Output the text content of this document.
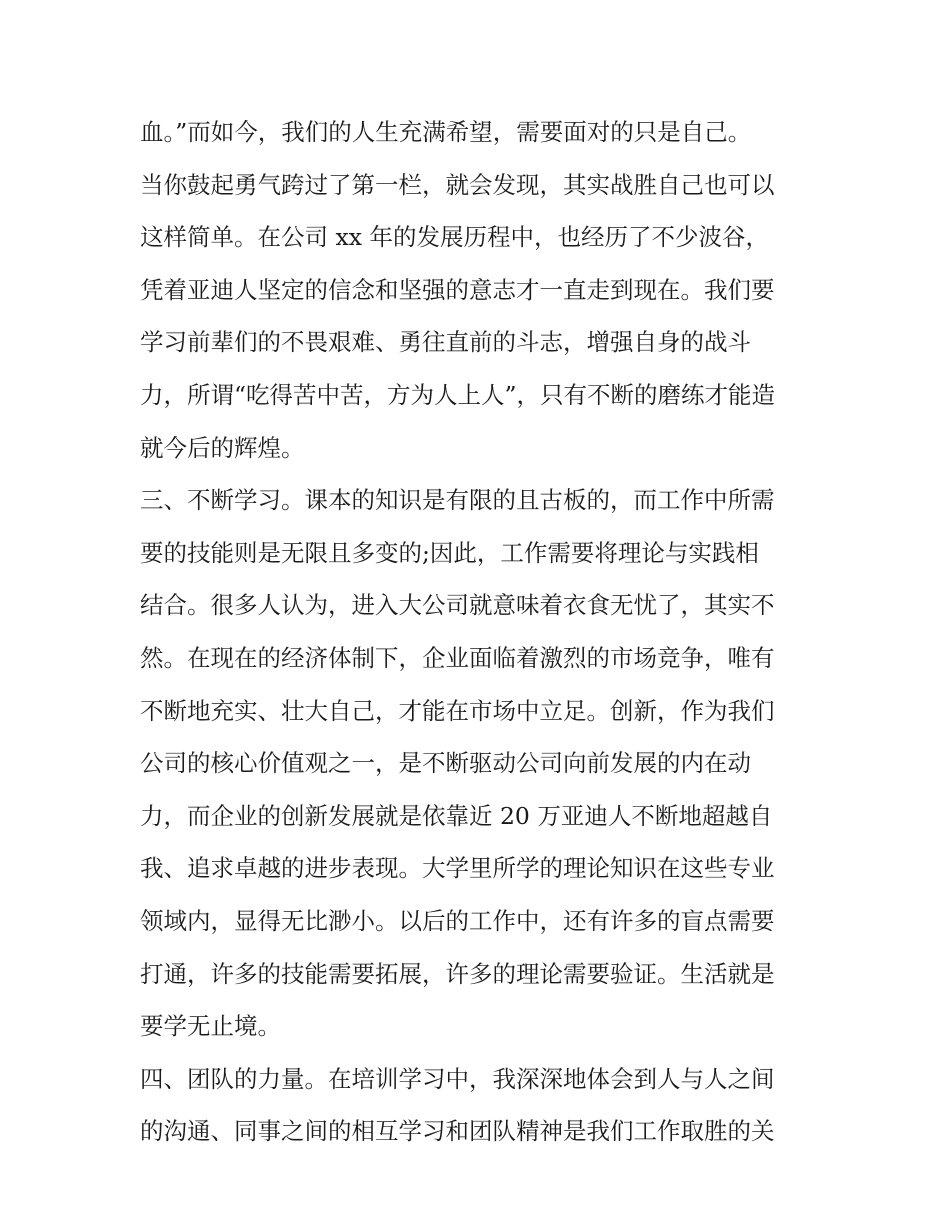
血。”而如今，我们的人生充满希望，需要面对的只是自己。
当你鼓起勇气跨过了第一栏，就会发现，其实战胜自己也可以
这样简单。在公司 xx 年的发展历程中，也经历了不少波谷，
凭着亚迪人坚定的信念和坚强的意志才一直走到现在。我们要
学习前辈们的不畏艰难、勇往直前的斗志，增强自身的战斗
力，所谓“吃得苦中苦，方为人上人”，只有不断的磨练才能造
就今后的辉煌。
三、不断学习。课本的知识是有限的且古板的，而工作中所需
要的技能则是无限且多变的;因此，工作需要将理论与实践相
结合。很多人认为，进入大公司就意味着衣食无忧了，其实不
然。在现在的经济体制下，企业面临着激烈的市场竞争，唯有
不断地充实、壮大自己，才能在市场中立足。创新，作为我们
公司的核心价值观之一，是不断驱动公司向前发展的内在动
力，而企业的创新发展就是依靠近 20 万亚迪人不断地超越自
我、追求卓越的进步表现。大学里所学的理论知识在这些专业
领域内，显得无比渺小。以后的工作中，还有许多的盲点需要
打通，许多的技能需要拓展，许多的理论需要验证。生活就是
要学无止境。
四、团队的力量。在培训学习中，我深深地体会到人与人之间
的沟通、同事之间的相互学习和团队精神是我们工作取胜的关
